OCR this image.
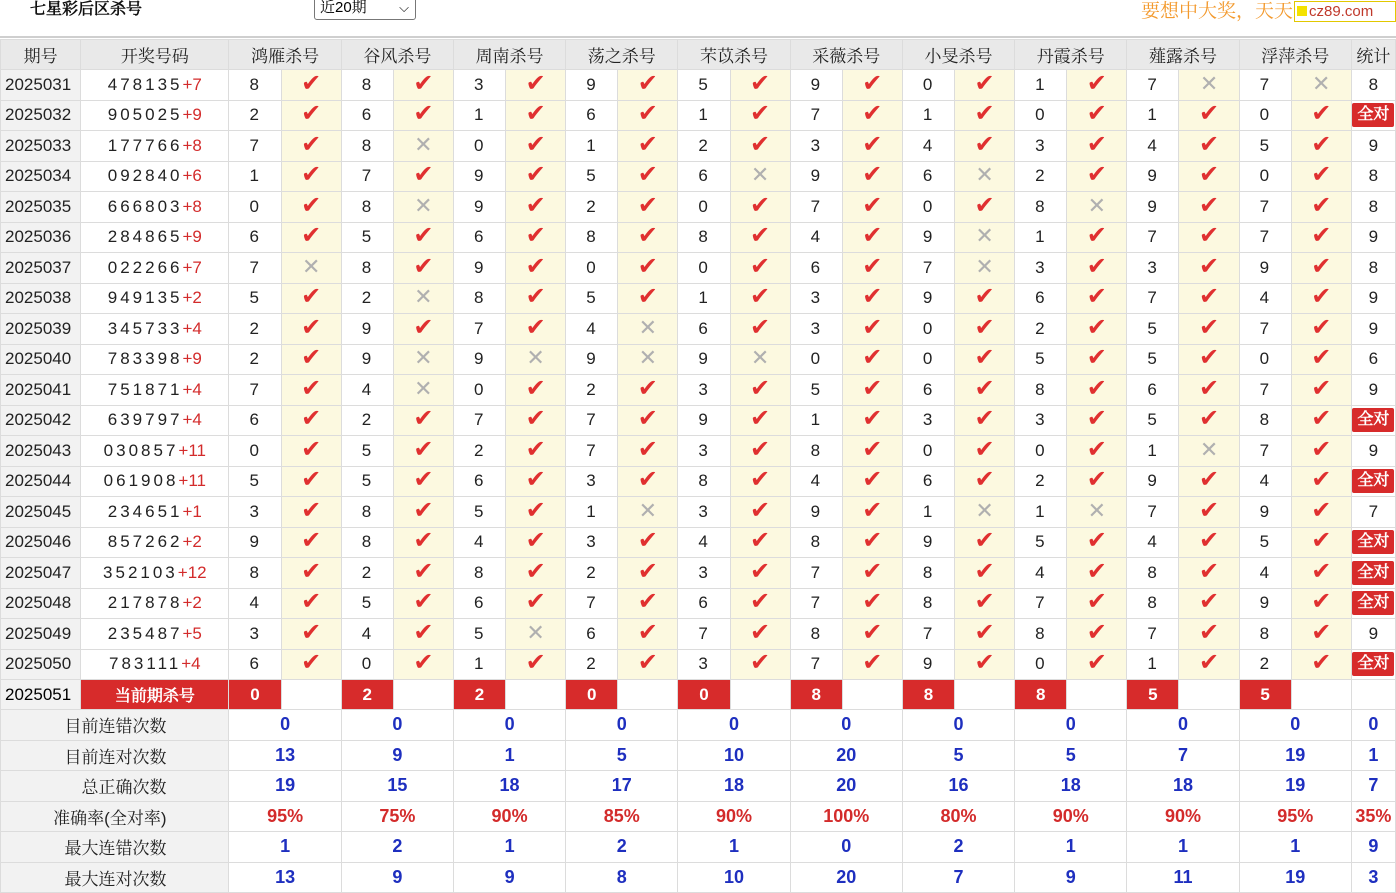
七星彩后区杀号	近20期 ⌵	要想中大奖，天天	cz89.com
期号	开奖号码	鸿雁杀号		谷风杀号		周南杀号		荡之杀号		芣苡杀号		采薇杀号		小旻杀号		丹霞杀号		薤露杀号		浮萍杀号		统计
2025031	478135+7	8	✔	8	✔	3	✔	9	✔	5	✔	9	✔	0	✔	1	✔	7	✕	7	✕	8
2025032	905025+9	2	✔	6	✔	1	✔	6	✔	1	✔	7	✔	1	✔	0	✔	1	✔	0	✔	全对
2025033	177766+8	7	✔	8	✕	0	✔	1	✔	2	✔	3	✔	4	✔	3	✔	4	✔	5	✔	9
2025034	092840+6	1	✔	7	✔	9	✔	5	✔	6	✕	9	✔	6	✕	2	✔	9	✔	0	✔	8
2025035	666803+8	0	✔	8	✕	9	✔	2	✔	0	✔	7	✔	0	✔	8	✕	9	✔	7	✔	8
2025036	284865+9	6	✔	5	✔	6	✔	8	✔	8	✔	4	✔	9	✕	1	✔	7	✔	7	✔	9
2025037	022266+7	7	✕	8	✔	9	✔	0	✔	0	✔	6	✔	7	✕	3	✔	3	✔	9	✔	8
2025038	949135+2	5	✔	2	✕	8	✔	5	✔	1	✔	3	✔	9	✔	6	✔	7	✔	4	✔	9
2025039	345733+4	2	✔	9	✔	7	✔	4	✕	6	✔	3	✔	0	✔	2	✔	5	✔	7	✔	9
2025040	783398+9	2	✔	9	✕	9	✕	9	✕	9	✕	0	✔	0	✔	5	✔	5	✔	0	✔	6
2025041	751871+4	7	✔	4	✕	0	✔	2	✔	3	✔	5	✔	6	✔	8	✔	6	✔	7	✔	9
2025042	639797+4	6	✔	2	✔	7	✔	7	✔	9	✔	1	✔	3	✔	3	✔	5	✔	8	✔	全对
2025043	030857+11	0	✔	5	✔	2	✔	7	✔	3	✔	8	✔	0	✔	0	✔	1	✕	7	✔	9
2025044	061908+11	5	✔	5	✔	6	✔	3	✔	8	✔	4	✔	6	✔	2	✔	9	✔	4	✔	全对
2025045	234651+1	3	✔	8	✔	5	✔	1	✕	3	✔	9	✔	1	✕	1	✕	7	✔	9	✔	7
2025046	857262+2	9	✔	8	✔	4	✔	3	✔	4	✔	8	✔	9	✔	5	✔	4	✔	5	✔	全对
2025047	352103+12	8	✔	2	✔	8	✔	2	✔	3	✔	7	✔	8	✔	4	✔	8	✔	4	✔	全对
2025048	217878+2	4	✔	5	✔	6	✔	7	✔	6	✔	7	✔	8	✔	7	✔	8	✔	9	✔	全对
2025049	235487+5	3	✔	4	✔	5	✕	6	✔	7	✔	8	✔	7	✔	8	✔	7	✔	8	✔	9
2025050	783111+4	6	✔	0	✔	1	✔	2	✔	3	✔	7	✔	9	✔	0	✔	1	✔	2	✔	全对
2025051	当前期杀号	0		2		2		0		0		8		8		8		5		5		
目前连错次数		0		0		0		0		0		0		0		0		0		0		0
目前连对次数		13		9		1		5		10		20		5		5		7		19		1
总正确次数		19		15		18		17		18		20		16		18		18		19		7
准确率(全对率)		95%		75%		90%		85%		90%		100%		80%		90%		90%		95%		35%
最大连错次数		1		2		1		2		1		0		2		1		1		1		9
最大连对次数		13		9		9		8		10		20		7		9		11		19		3
